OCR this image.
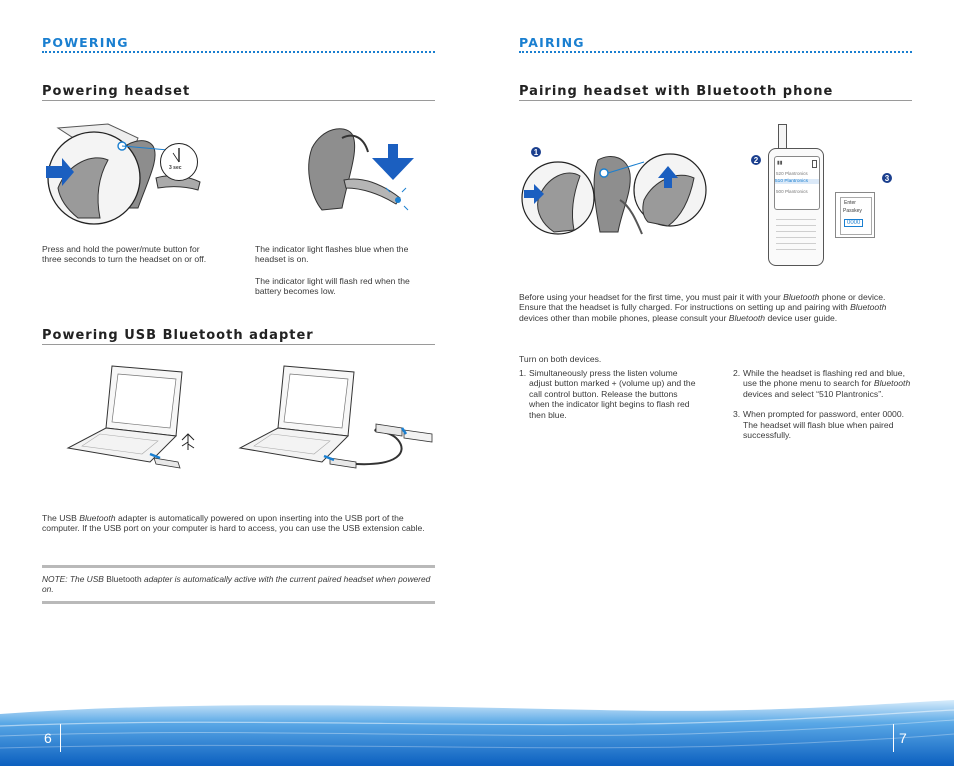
POWERING
Powering headset
3 sec
Press and hold the power/mute button for three seconds to turn the headset on or off.
The indicator light flashes blue when the headset is on.
The indicator light will flash red when the battery becomes low.
Powering USB Bluetooth adapter
The USB Bluetooth adapter is automatically powered on upon inserting into the USB port of the computer. If the USB port on your computer is hard to access, you can use the USB extension cable.
NOTE: The USB Bluetooth adapter is automatically active with the current paired headset when powered on.
PAIRING
Pairing headset with Bluetooth phone
1
▮▮
520 Plantronics
510 Plantronics
500 Plantronics
2
3
Enter
Passkey
0000
Before using your headset for the first time, you must pair it with your Bluetooth phone or device. Ensure that the headset is fully charged. For instructions on setting up and pairing with Bluetooth devices other than mobile phones, please consult your Bluetooth device user guide.
Turn on both devices.
1. Simultaneously press the listen volume adjust button marked + (volume up) and the call control button. Release the buttons when the indicator light begins to flash red then blue.
2. While the headset is flashing red and blue, use the phone menu to search for Bluetooth devices and select “510 Plantronics”.
3. When prompted for password, enter 0000. The headset will flash blue when paired successfully.
6	7
